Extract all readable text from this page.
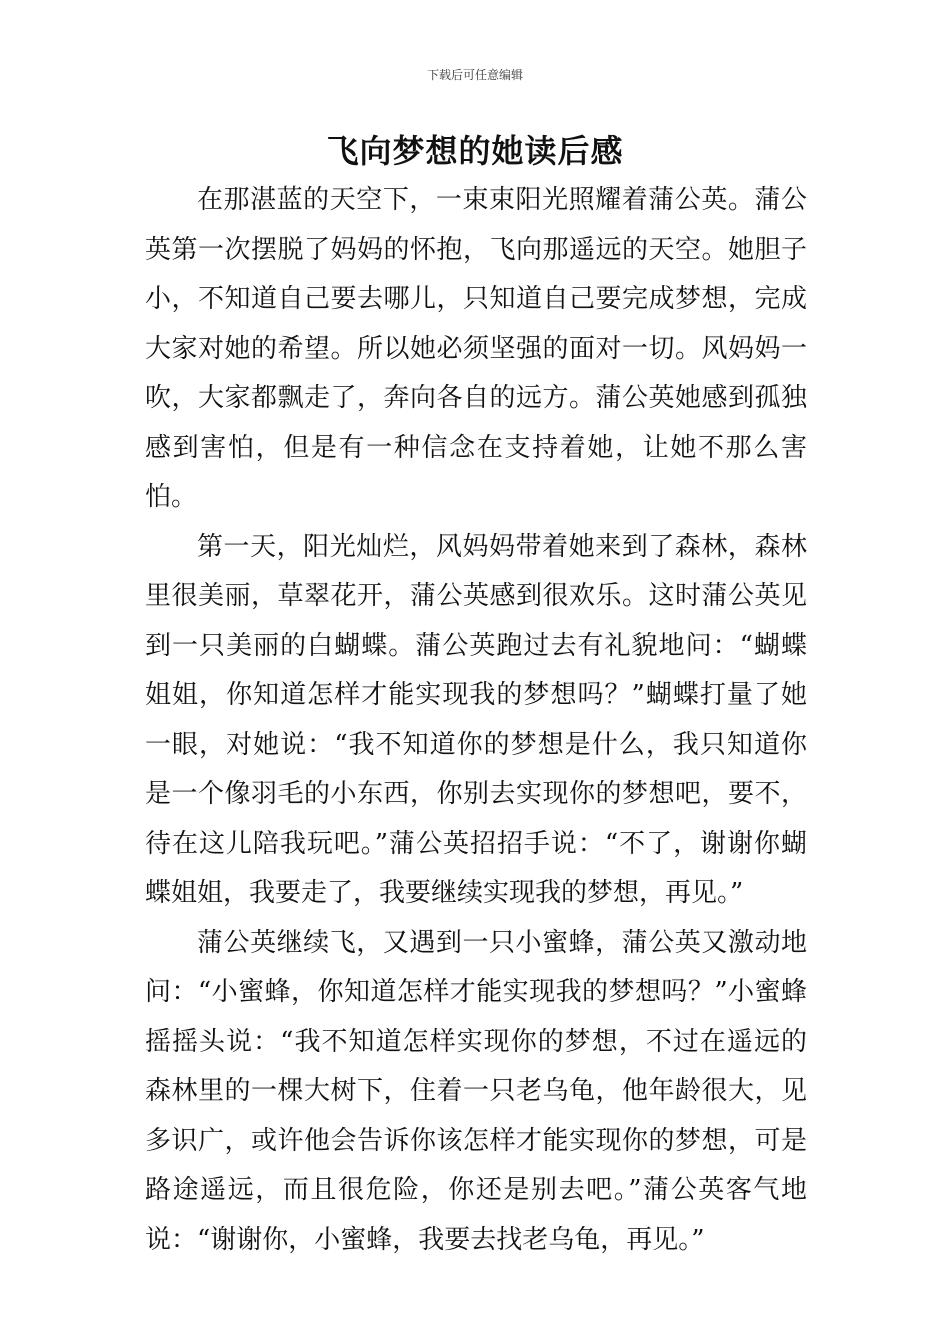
下载后可任意编辑
飞向梦想的她读后感

在那湛蓝的天空下，一束束阳光照耀着蒲公英。蒲公英第一次摆脱了妈妈的怀抱，飞向那遥远的天空。她胆子小，不知道自己要去哪儿，只知道自己要完成梦想，完成大家对她的希望。所以她必须坚强的面对一切。风妈妈一吹，大家都飘走了，奔向各自的远方。蒲公英她感到孤独感到害怕，但是有一种信念在支持着她，让她不那么害怕。

第一天，阳光灿烂，风妈妈带着她来到了森林，森林里很美丽，草翠花开，蒲公英感到很欢乐。这时蒲公英见到一只美丽的白蝴蝶。蒲公英跑过去有礼貌地问：“蝴蝶姐姐，你知道怎样才能实现我的梦想吗？”蝴蝶打量了她一眼，对她说：“我不知道你的梦想是什么，我只知道你是一个像羽毛的小东西，你别去实现你的梦想吧，要不，待在这儿陪我玩吧。”蒲公英招招手说：“不了，谢谢你蝴蝶姐姐，我要走了，我要继续实现我的梦想，再见。”

蒲公英继续飞，又遇到一只小蜜蜂，蒲公英又激动地问：“小蜜蜂，你知道怎样才能实现我的梦想吗？”小蜜蜂摇摇头说：“我不知道怎样实现你的梦想，不过在遥远的森林里的一棵大树下，住着一只老乌龟，他年龄很大，见多识广，或许他会告诉你该怎样才能实现你的梦想，可是路途遥远，而且很危险，你还是别去吧。”蒲公英客气地说：“谢谢你，小蜜蜂，我要去找老乌龟，再见。”
